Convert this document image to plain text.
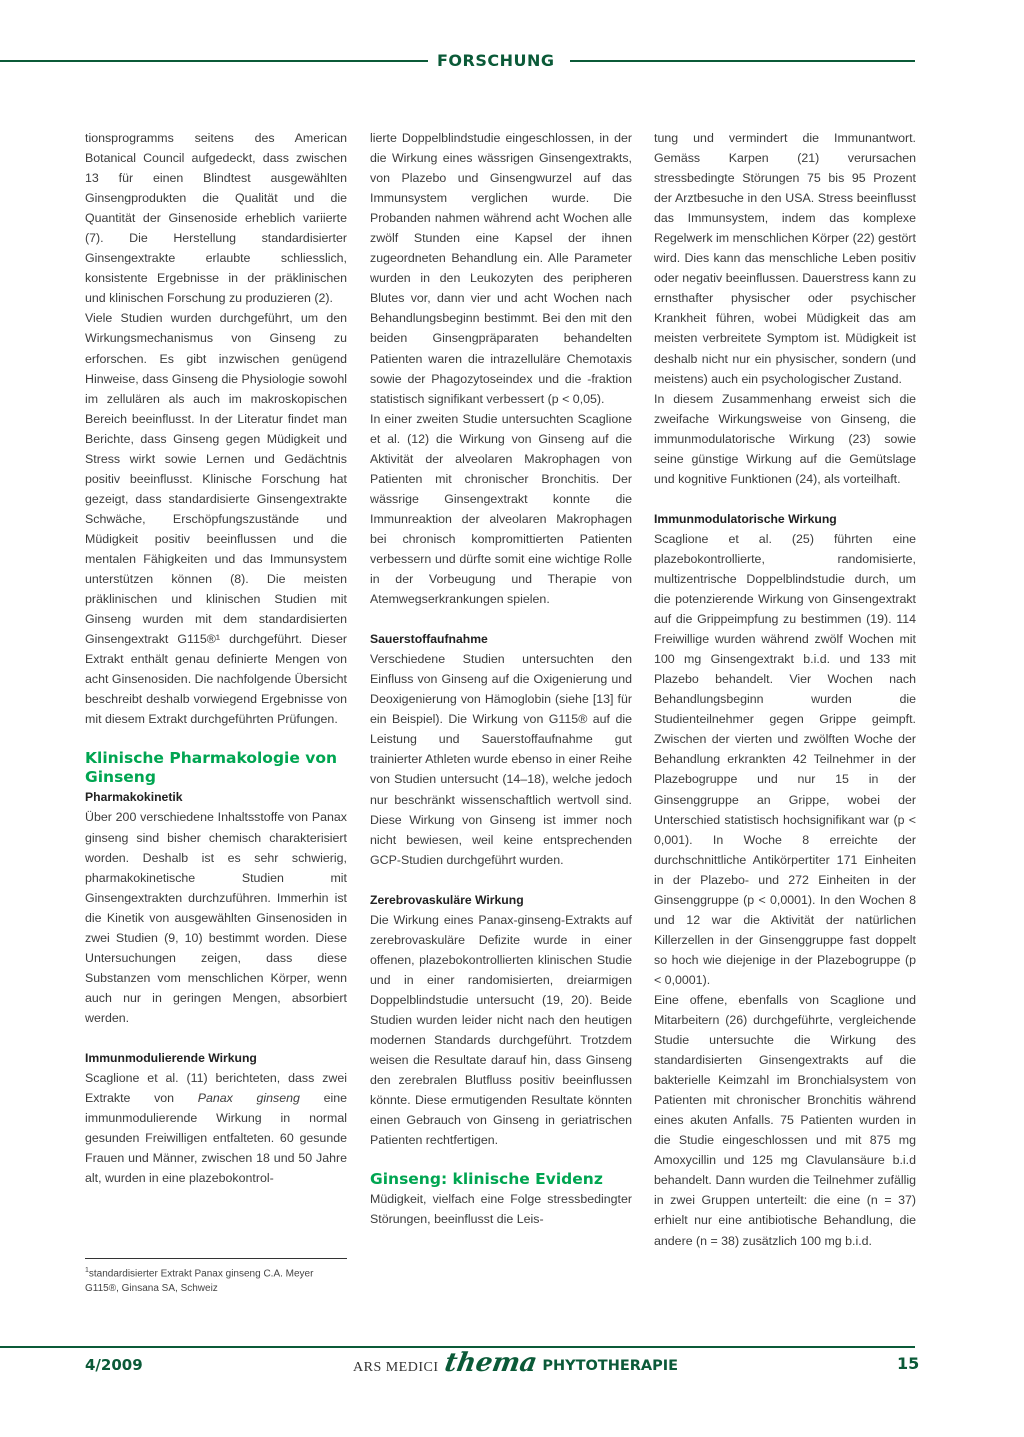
FORSCHUNG

tionsprogramms seitens des American Botanical Council aufgedeckt, dass zwischen 13 für einen Blindtest ausgewählten Ginsengprodukten die Qualität und die Quantität der Ginsenoside erheblich variierte (7). Die Herstellung standardisierter Ginsengextrakte erlaubte schliesslich, konsistente Ergebnisse in der präklinischen und klinischen Forschung zu produzieren (2).

Viele Studien wurden durchgeführt, um den Wirkungsmechanismus von Ginseng zu erforschen. Es gibt inzwischen genügend Hinweise, dass Ginseng die Physiologie sowohl im zellulären als auch im makroskopischen Bereich beeinflusst. In der Literatur findet man Berichte, dass Ginseng gegen Müdigkeit und Stress wirkt sowie Lernen und Gedächtnis positiv beeinflusst. Klinische Forschung hat gezeigt, dass standardisierte Ginsengextrakte Schwäche, Erschöpfungszustände und Müdigkeit positiv beeinflussen und die mentalen Fähigkeiten und das Immunsystem unterstützen können (8). Die meisten präklinischen und klinischen Studien mit Ginseng wurden mit dem standardisierten Ginsengextrakt G115®¹ durchgeführt. Dieser Extrakt enthält genau definierte Mengen von acht Ginsenosiden. Die nachfolgende Übersicht beschreibt deshalb vorwiegend Ergebnisse von mit diesem Extrakt durchgeführten Prüfungen.

Klinische Pharmakologie von Ginseng
Pharmakokinetik

Über 200 verschiedene Inhaltsstoffe von Panax ginseng sind bisher chemisch charakterisiert worden. Deshalb ist es sehr schwierig, pharmakokinetische Studien mit Ginsengextrakten durchzuführen. Immerhin ist die Kinetik von ausgewählten Ginsenosiden in zwei Studien (9, 10) bestimmt worden. Diese Untersuchungen zeigen, dass diese Substanzen vom menschlichen Körper, wenn auch nur in geringen Mengen, absorbiert werden.

Immunmodulierende Wirkung

Scaglione et al. (11) berichteten, dass zwei Extrakte von Panax ginseng eine immunmodulierende Wirkung in normal gesunden Freiwilligen entfalteten. 60 gesunde Frauen und Männer, zwischen 18 und 50 Jahre alt, wurden in eine plazebokontrol-

$^1$standardisierter Extrakt Panax ginseng C.A. Meyer G115®, Ginsana SA, Schweiz

lierte Doppelblindstudie eingeschlossen, in der die Wirkung eines wässrigen Ginsengextrakts, von Plazebo und Ginsengwurzel auf das Immunsystem verglichen wurde. Die Probanden nahmen während acht Wochen alle zwölf Stunden eine Kapsel der ihnen zugeordneten Behandlung ein. Alle Parameter wurden in den Leukozyten des peripheren Blutes vor, dann vier und acht Wochen nach Behandlungsbeginn bestimmt. Bei den mit den beiden Ginsengpräparaten behandelten Patienten waren die intrazelluläre Chemotaxis sowie der Phagozytoseindex und die -fraktion statistisch signifikant verbessert (p < 0,05).

In einer zweiten Studie untersuchten Scaglione et al. (12) die Wirkung von Ginseng auf die Aktivität der alveolaren Makrophagen von Patienten mit chronischer Bronchitis. Der wässrige Ginsengextrakt konnte die Immunreaktion der alveolaren Makrophagen bei chronisch kompromittierten Patienten verbessern und dürfte somit eine wichtige Rolle in der Vorbeugung und Therapie von Atemwegserkrankungen spielen.

Sauerstoffaufnahme

Verschiedene Studien untersuchten den Einfluss von Ginseng auf die Oxigenierung und Deoxigenierung von Hämoglobin (siehe [13] für ein Beispiel). Die Wirkung von G115® auf die Leistung und Sauerstoffaufnahme gut trainierter Athleten wurde ebenso in einer Reihe von Studien untersucht (14–18), welche jedoch nur beschränkt wissenschaftlich wertvoll sind. Diese Wirkung von Ginseng ist immer noch nicht bewiesen, weil keine entsprechenden GCP-Studien durchgeführt wurden.

Zerebrovaskuläre Wirkung

Die Wirkung eines Panax-ginseng-Extrakts auf zerebrovaskuläre Defizite wurde in einer offenen, plazebokontrollierten klinischen Studie und in einer randomisierten, dreiarmigen Doppelblindstudie untersucht (19, 20). Beide Studien wurden leider nicht nach den heutigen modernen Standards durchgeführt. Trotzdem weisen die Resultate darauf hin, dass Ginseng den zerebralen Blutfluss positiv beeinflussen könnte. Diese ermutigenden Resultate könnten einen Gebrauch von Ginseng in geriatrischen Patienten rechtfertigen.

Ginseng: klinische Evidenz

Müdigkeit, vielfach eine Folge stressbedingter Störungen, beeinflusst die Leis-

tung und vermindert die Immunantwort. Gemäss Karpen (21) verursachen stressbedingte Störungen 75 bis 95 Prozent der Arztbesuche in den USA. Stress beeinflusst das Immunsystem, indem das komplexe Regelwerk im menschlichen Körper (22) gestört wird. Dies kann das menschliche Leben positiv oder negativ beeinflussen. Dauerstress kann zu ernsthafter physischer oder psychischer Krankheit führen, wobei Müdigkeit das am meisten verbreitete Symptom ist. Müdigkeit ist deshalb nicht nur ein physischer, sondern (und meistens) auch ein psychologischer Zustand.

In diesem Zusammenhang erweist sich die zweifache Wirkungsweise von Ginseng, die immunmodulatorische Wirkung (23) sowie seine günstige Wirkung auf die Gemütslage und kognitive Funktionen (24), als vorteilhaft.

Immunmodulatorische Wirkung

Scaglione et al. (25) führten eine plazebokontrollierte, randomisierte, multizentrische Doppelblindstudie durch, um die potenzierende Wirkung von Ginsengextrakt auf die Grippeimpfung zu bestimmen (19). 114 Freiwillige wurden während zwölf Wochen mit 100 mg Ginsengextrakt b.i.d. und 133 mit Plazebo behandelt. Vier Wochen nach Behandlungsbeginn wurden die Studienteilnehmer gegen Grippe geimpft. Zwischen der vierten und zwölften Woche der Behandlung erkrankten 42 Teilnehmer in der Plazebogruppe und nur 15 in der Ginsenggruppe an Grippe, wobei der Unterschied statistisch hochsignifikant war (p < 0,001). In Woche 8 erreichte der durchschnittliche Antikörpertiter 171 Einheiten in der Plazebo- und 272 Einheiten in der Ginsenggruppe (p < 0,0001). In den Wochen 8 und 12 war die Aktivität der natürlichen Killerzellen in der Ginsenggruppe fast doppelt so hoch wie diejenige in der Plazebogruppe (p < 0,0001).

Eine offene, ebenfalls von Scaglione und Mitarbeitern (26) durchgeführte, vergleichende Studie untersuchte die Wirkung des standardisierten Ginsengextrakts auf die bakterielle Keimzahl im Bronchialsystem von Patienten mit chronischer Bronchitis während eines akuten Anfalls. 75 Patienten wurden in die Studie eingeschlossen und mit 875 mg Amoxycillin und 125 mg Clavulansäure b.i.d behandelt. Dann wurden die Teilnehmer zufällig in zwei Gruppen unterteilt: die eine (n = 37) erhielt nur eine antibiotische Behandlung, die andere (n = 38) zusätzlich 100 mg b.i.d.

4/2009	ARS MEDICI thema PHYTOTHERAPIE	15
